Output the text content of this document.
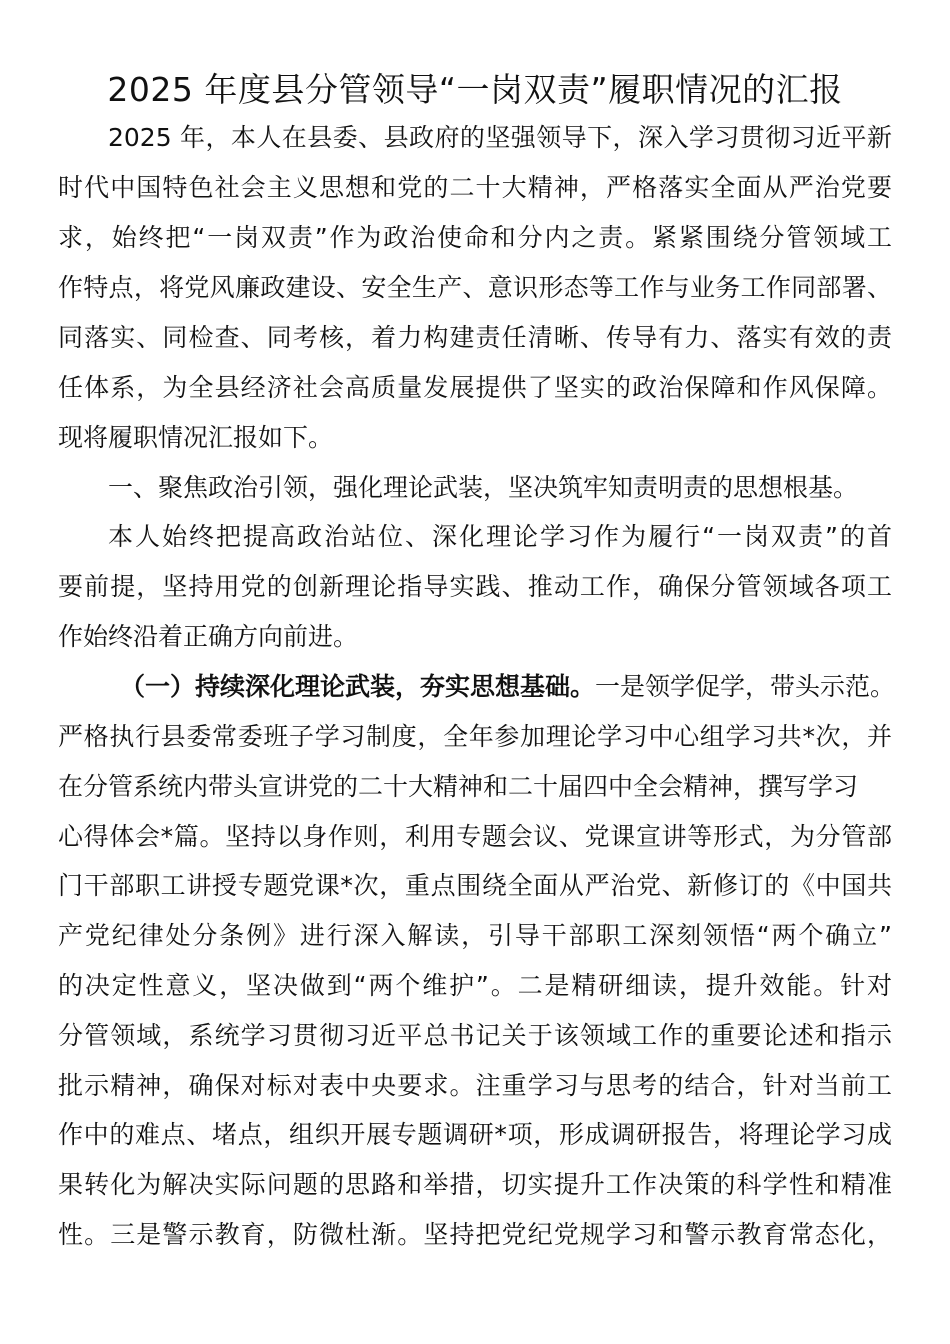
2025 年度县分管领导“一岗双责”履职情况的汇报
2025 年，本人在县委、县政府的坚强领导下，深入学习贯彻习近平新
时代中国特色社会主义思想和党的二十大精神，严格落实全面从严治党要
求，始终把“一岗双责”作为政治使命和分内之责。紧紧围绕分管领域工
作特点，将党风廉政建设、安全生产、意识形态等工作与业务工作同部署、
同落实、同检查、同考核，着力构建责任清晰、传导有力、落实有效的责
任体系，为全县经济社会高质量发展提供了坚实的政治保障和作风保障。
现将履职情况汇报如下。
一、聚焦政治引领，强化理论武装，坚决筑牢知责明责的思想根基。
本人始终把提高政治站位、深化理论学习作为履行“一岗双责”的首
要前提，坚持用党的创新理论指导实践、推动工作，确保分管领域各项工
作始终沿着正确方向前进。
（一）持续深化理论武装，夯实思想基础。一是领学促学，带头示范。
严格执行县委常委班子学习制度，全年参加理论学习中心组学习共*次，并
在分管系统内带头宣讲党的二十大精神和二十届四中全会精神，撰写学习
心得体会*篇。坚持以身作则，利用专题会议、党课宣讲等形式，为分管部
门干部职工讲授专题党课*次，重点围绕全面从严治党、新修订的《中国共
产党纪律处分条例》进行深入解读，引导干部职工深刻领悟“两个确立”
的决定性意义，坚决做到“两个维护”。二是精研细读，提升效能。针对
分管领域，系统学习贯彻习近平总书记关于该领域工作的重要论述和指示
批示精神，确保对标对表中央要求。注重学习与思考的结合，针对当前工
作中的难点、堵点，组织开展专题调研*项，形成调研报告，将理论学习成
果转化为解决实际问题的思路和举措，切实提升工作决策的科学性和精准
性。三是警示教育，防微杜渐。坚持把党纪党规学习和警示教育常态化，
